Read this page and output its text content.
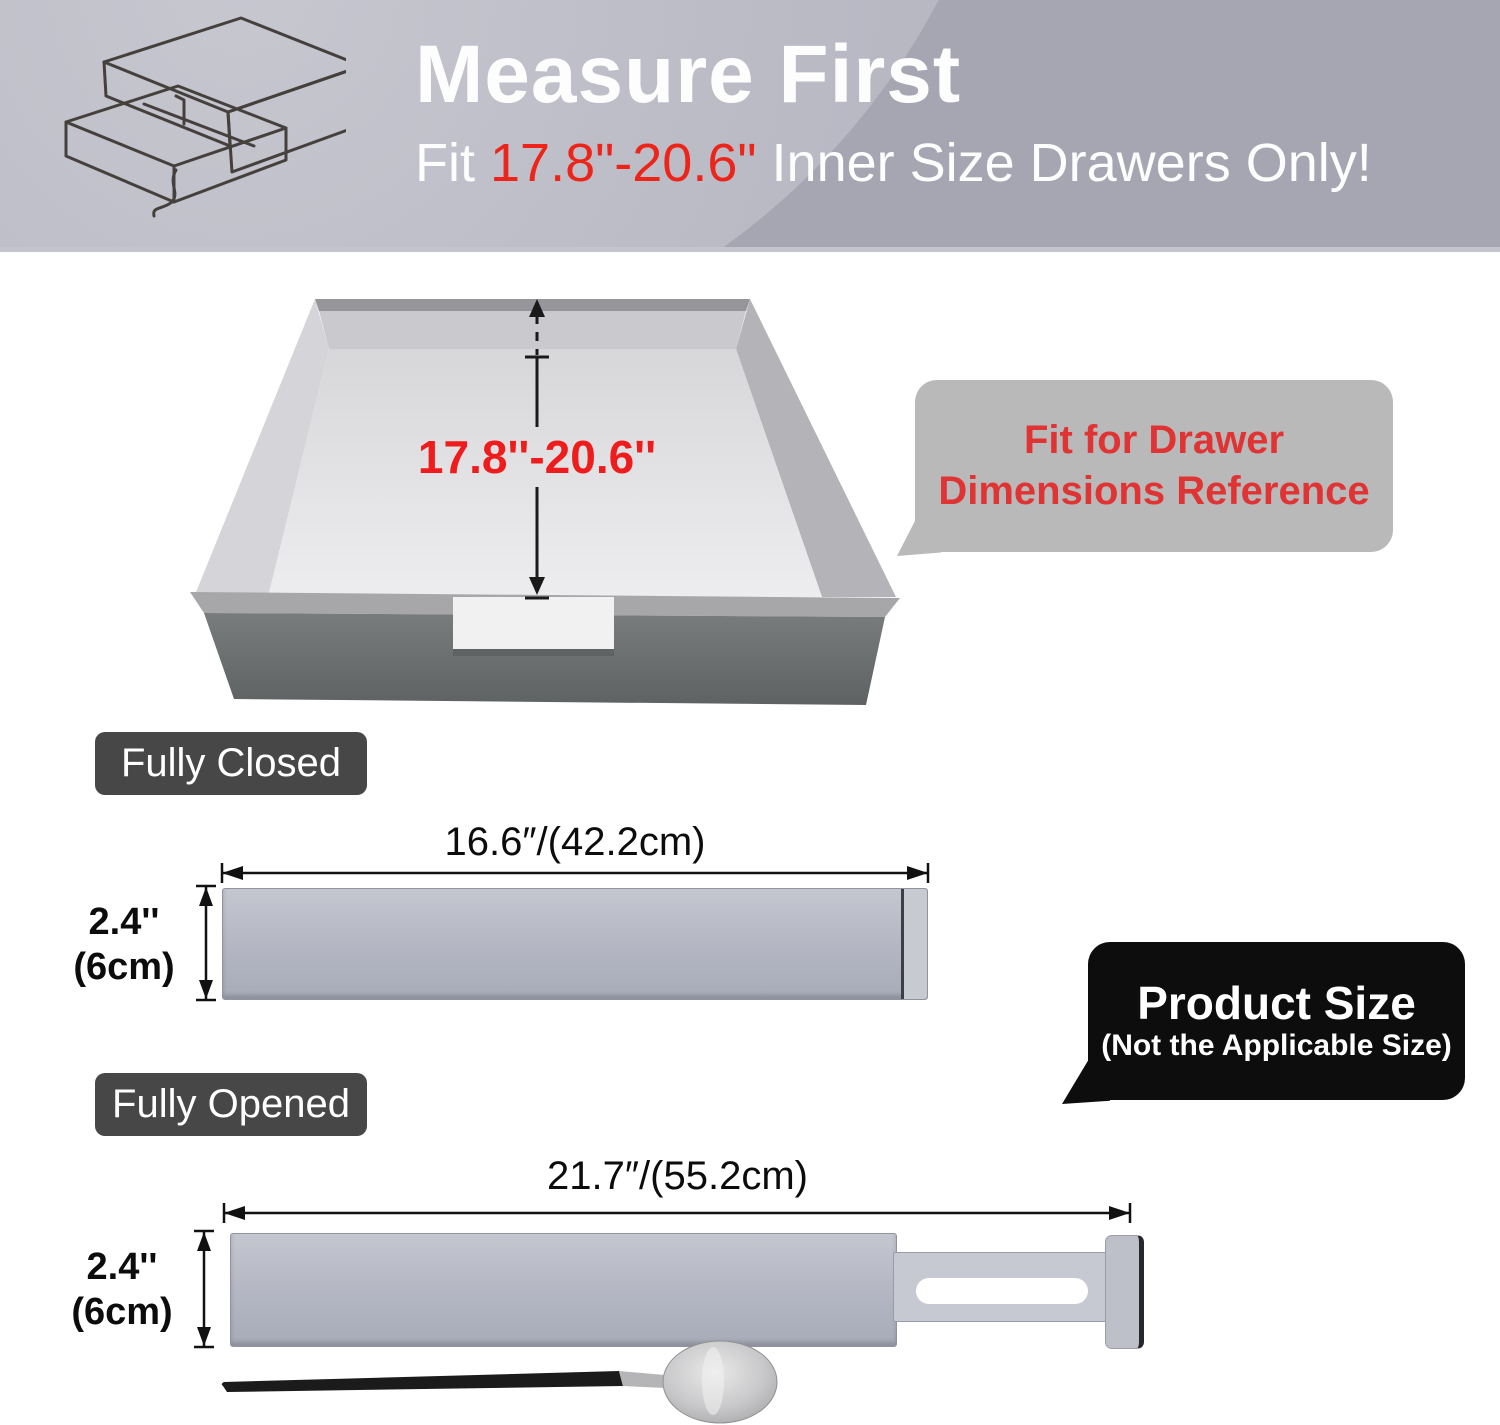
Measure First

Fit 17.8"-20.6" Inner Size Drawers Only!

17.8''-20.6''	Fit for Drawer
Dimensions Reference
Fully Closed
16.6″/(42.2cm)
2.4''
(6cm)
Product Size
(Not the Applicable Size)
Fully Opened
21.7″/(55.2cm)
2.4''
(6cm)
